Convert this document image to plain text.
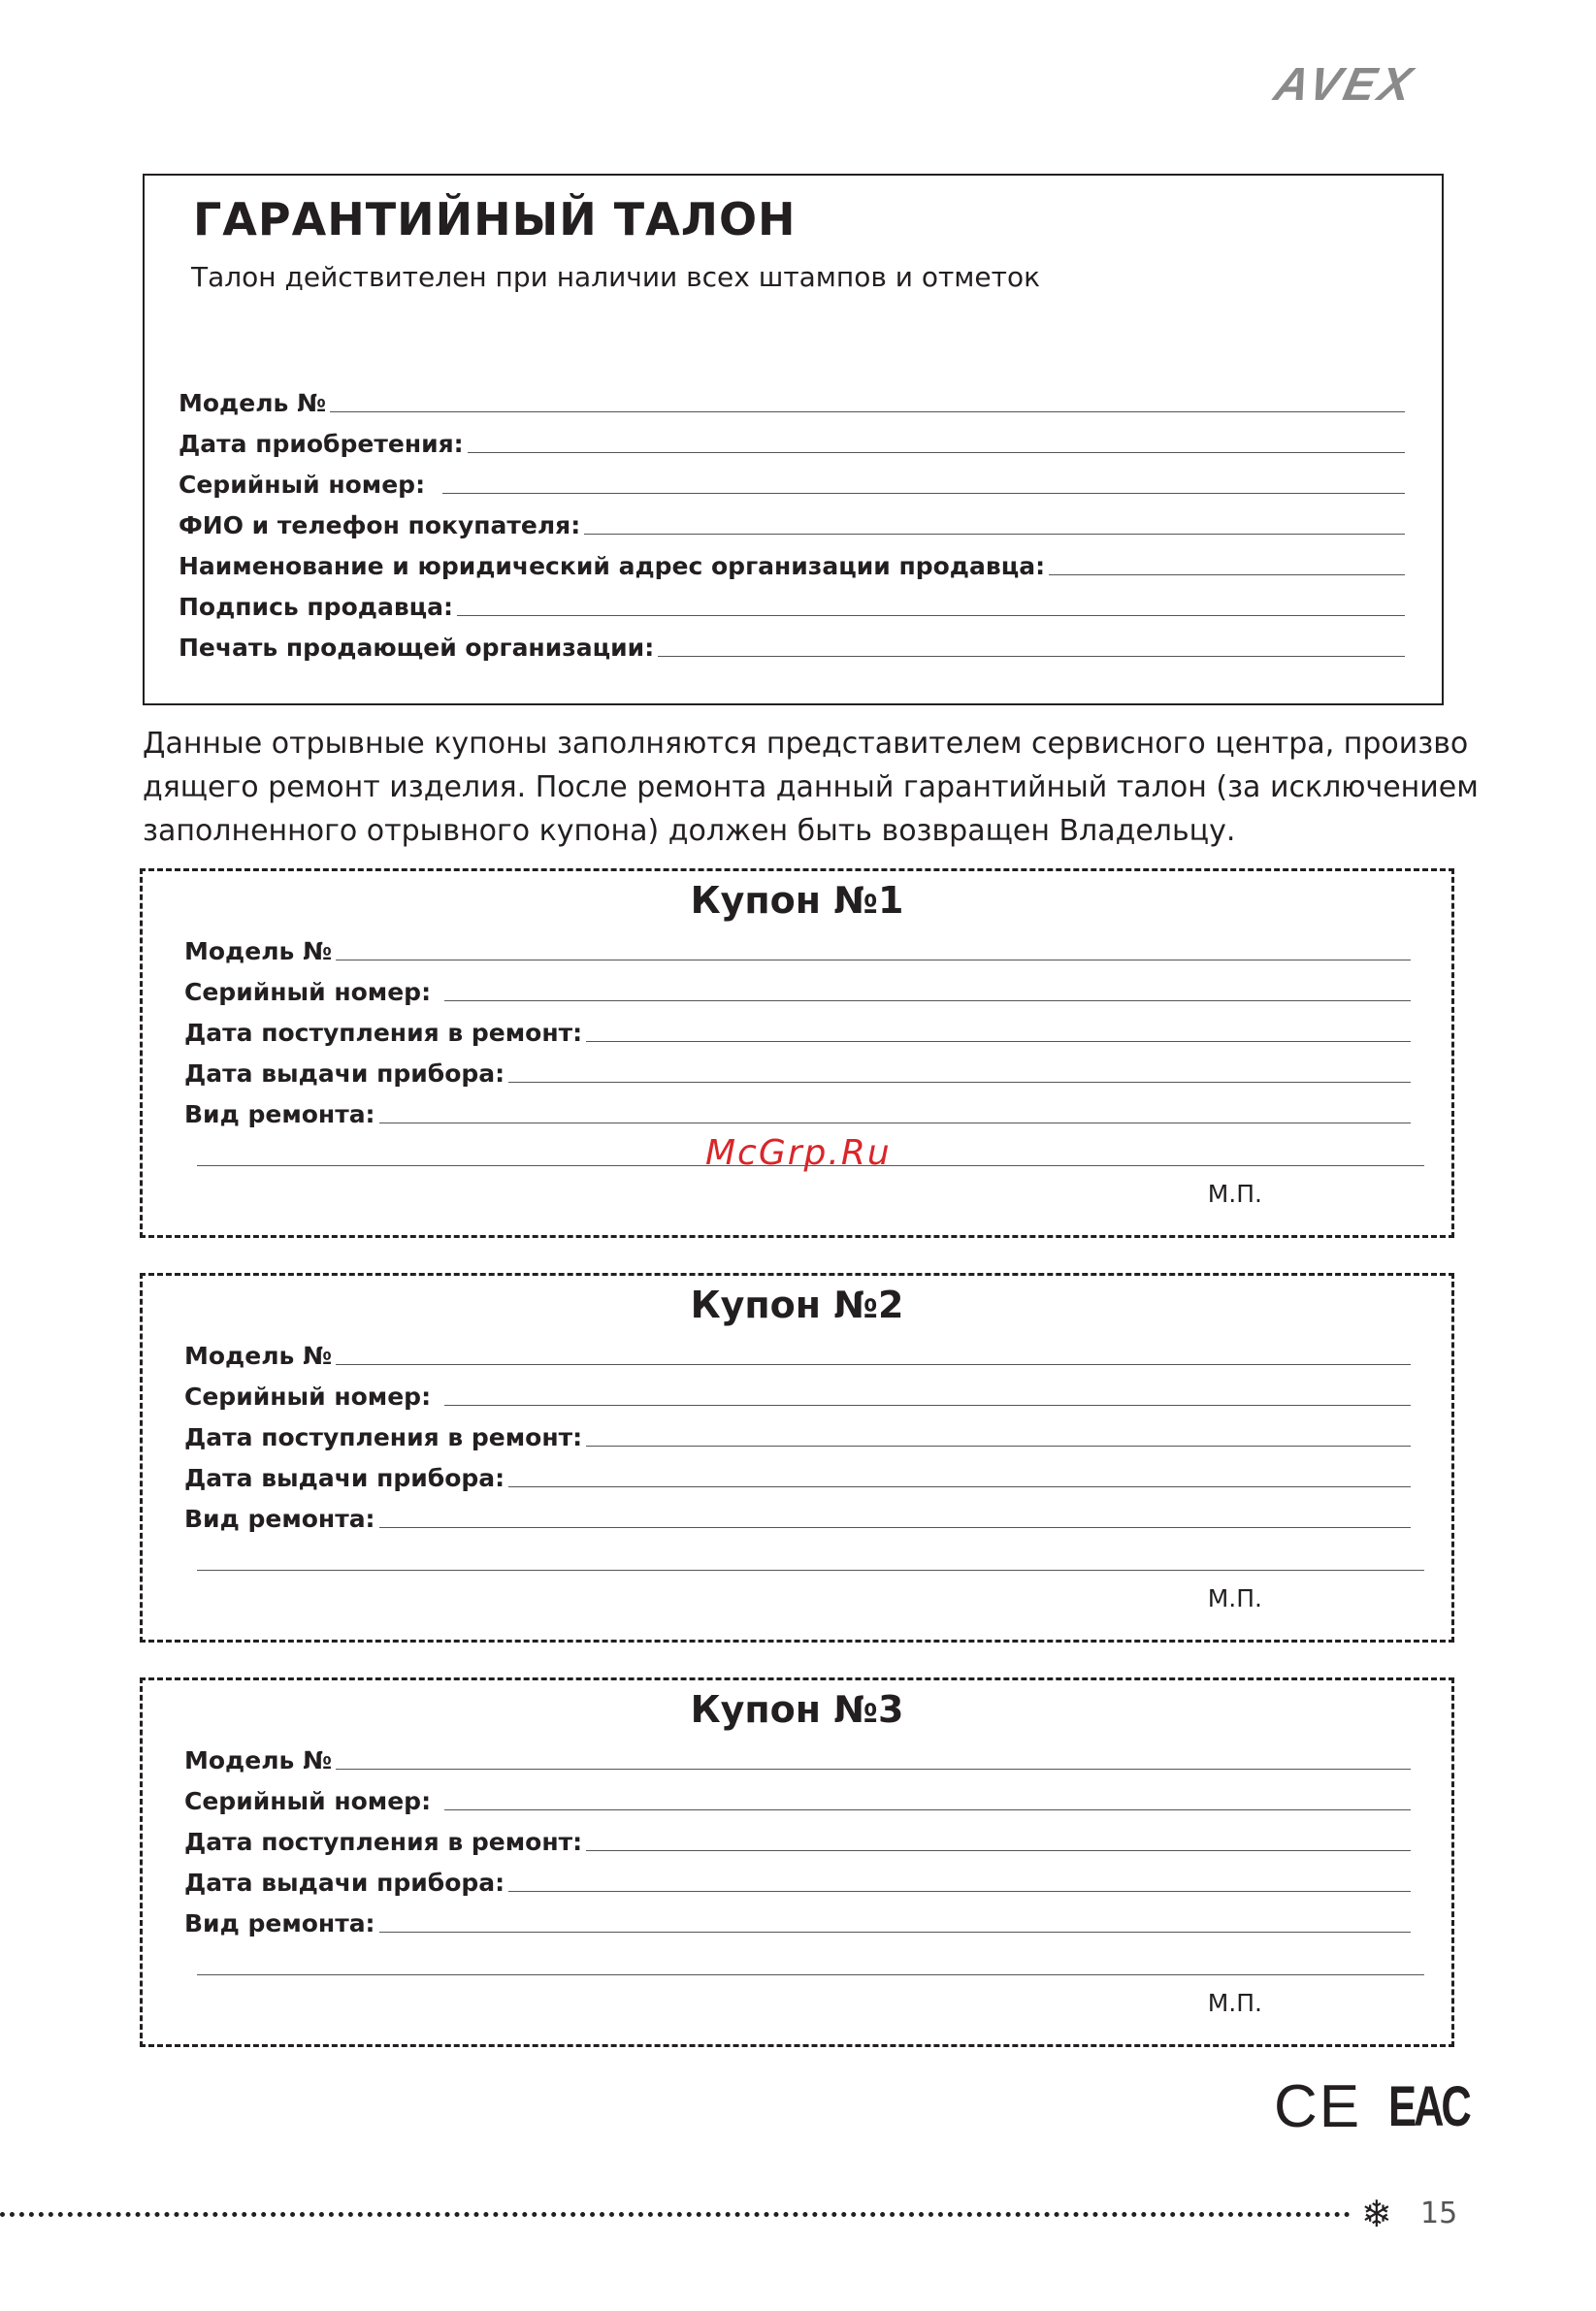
AVEX
ГАРАНТИЙНЫЙ ТАЛОН
Талон действителен при наличии всех штампов и отметок
Модель №
Дата приобретения:
Серийный номер:
ФИО и телефон покупателя:
Наименование и юридический адрес организации продавца:
Подпись продавца:
Печать продающей организации:
Данные отрывные купоны заполняются представителем сервисного центра, произво
дящего ремонт изделия. После ремонта данный гарантийный талон (за исключением
заполненного отрывного купона) должен быть возвращен Владельцу.
Купон №1
Модель №
Серийный номер:
Дата поступления в ремонт:
Дата выдачи прибора:
Вид ремонта:
М.П.
Купон №2
Модель №
Серийный номер:
Дата поступления в ремонт:
Дата выдачи прибора:
Вид ремонта:
М.П.
Купон №3
Модель №
Серийный номер:
Дата поступления в ремонт:
Дата выдачи прибора:
Вид ремонта:
М.П.
McGrp.Ru
CE EAC
❄ 15
